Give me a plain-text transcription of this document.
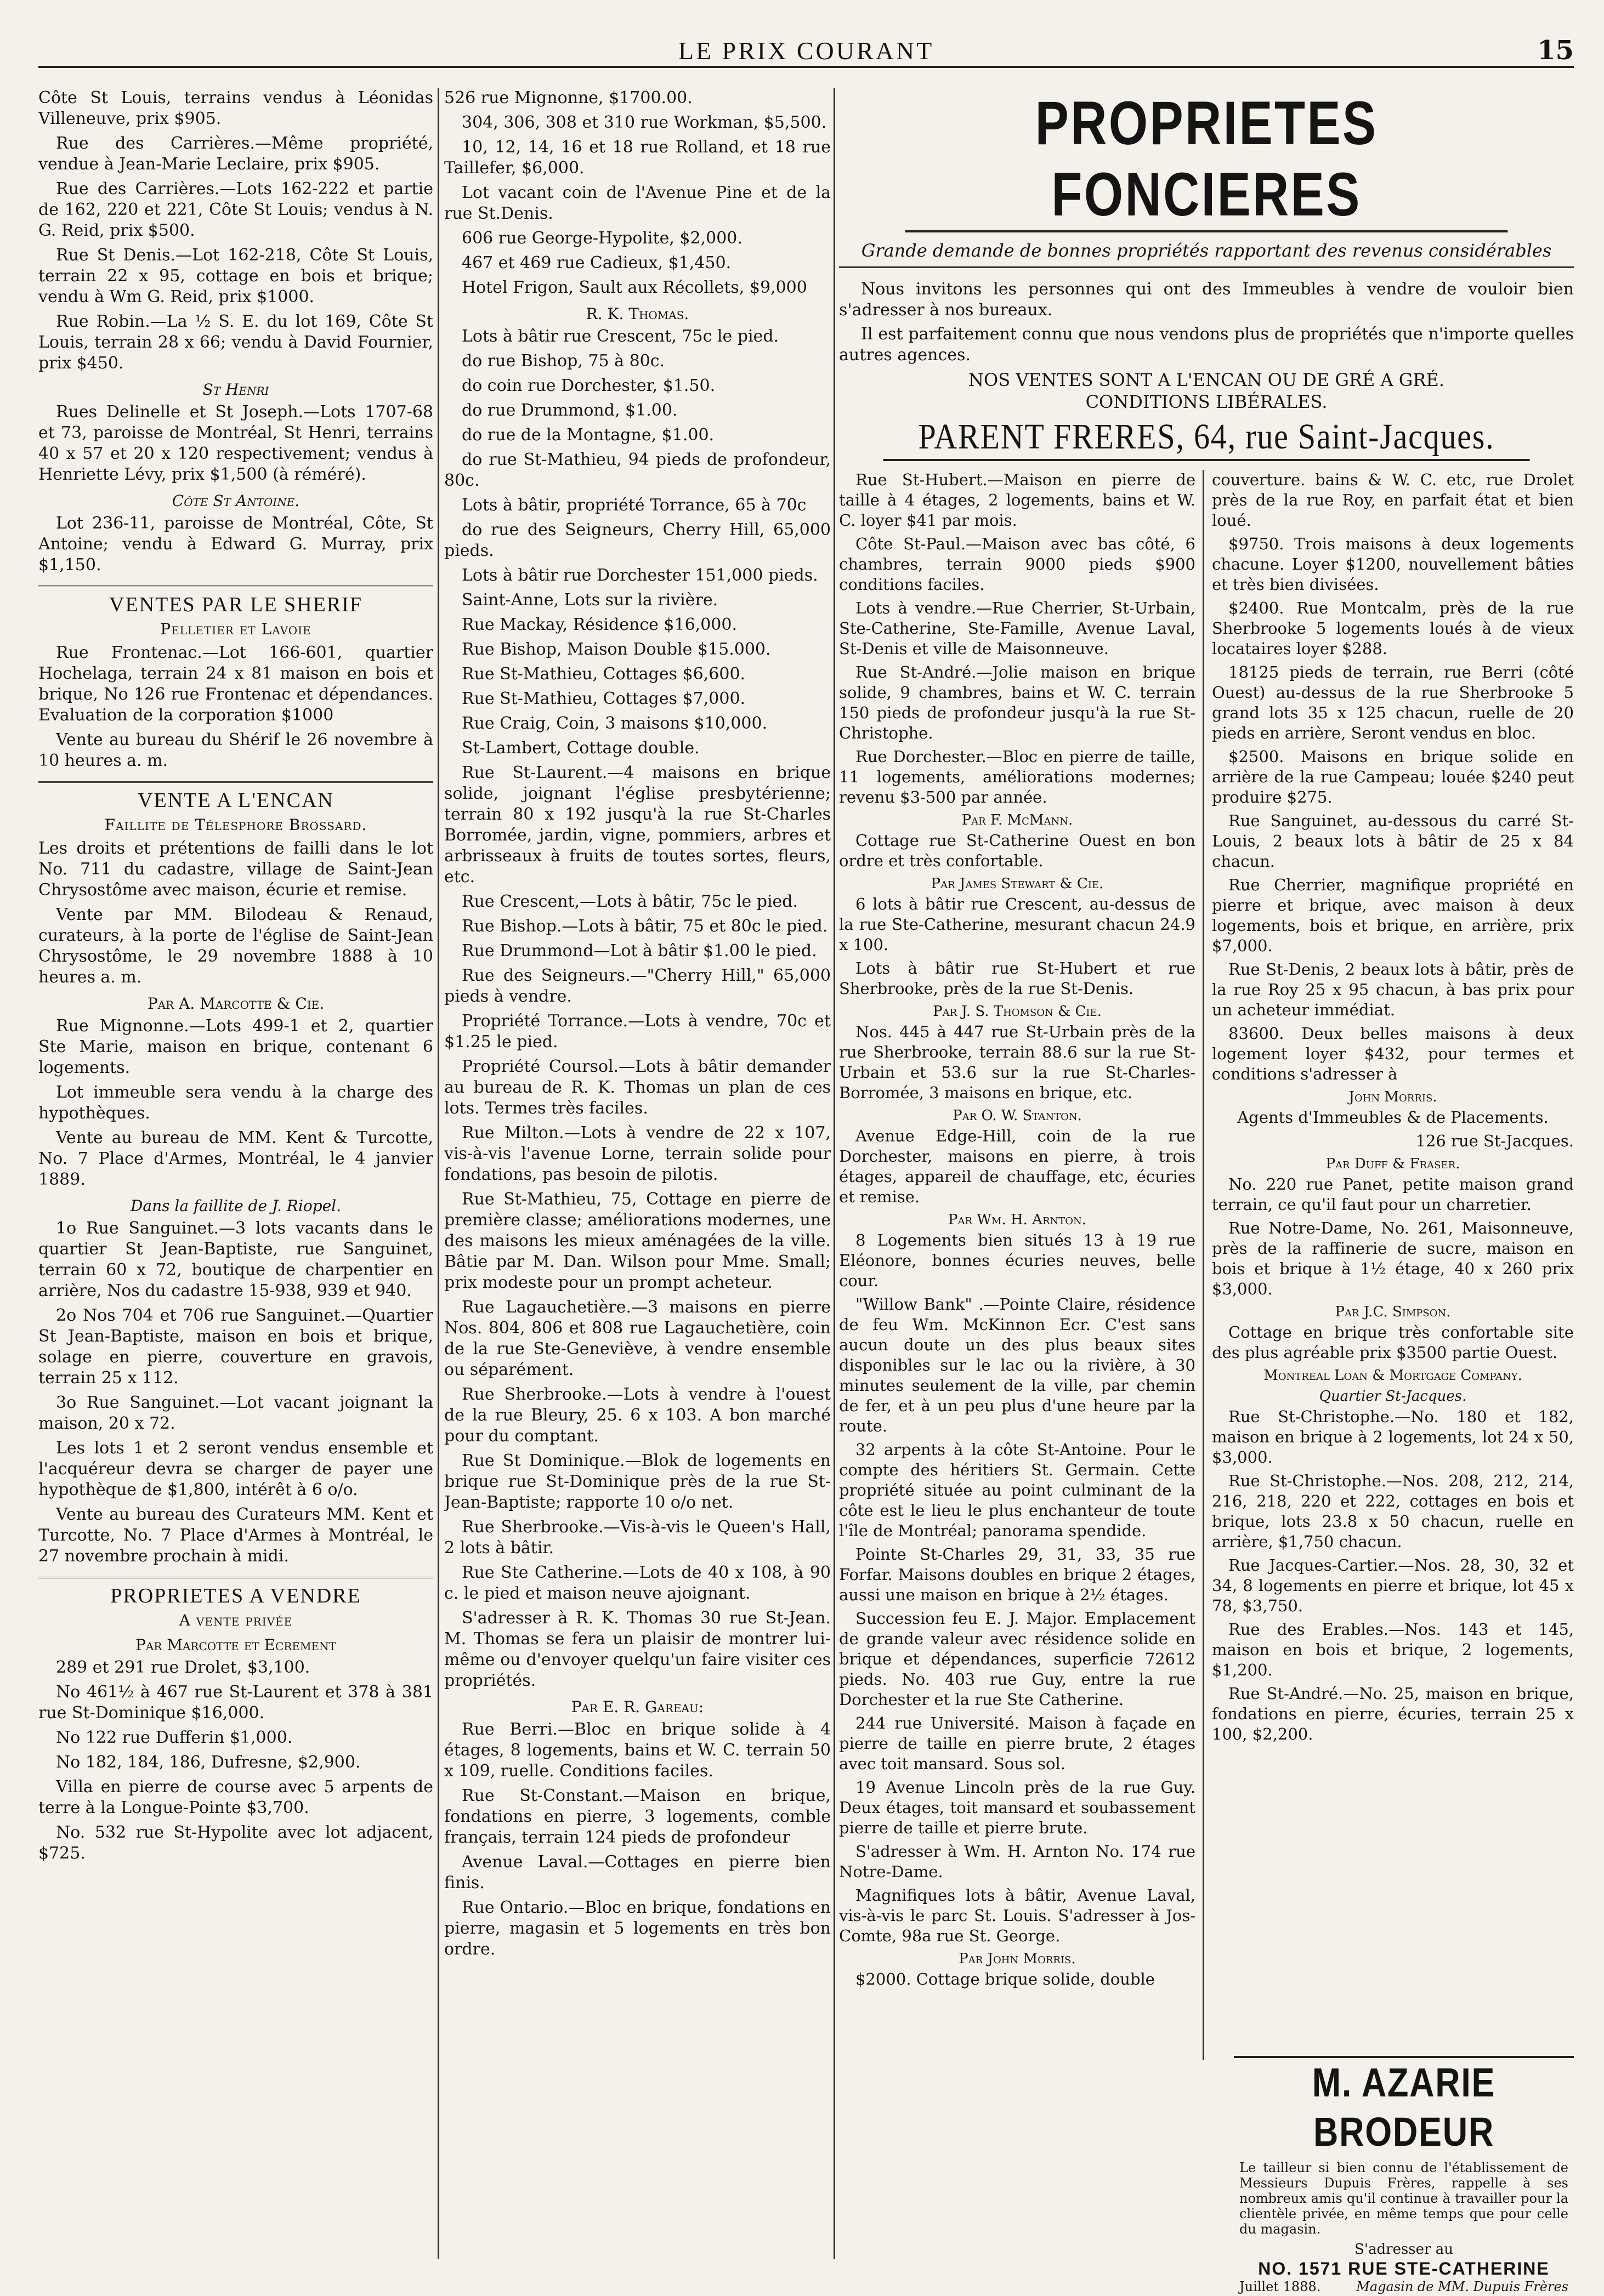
LE PRIX COURANT	15

Côte St Louis, terrains vendus à Léonidas Villeneuve, prix $905.

Rue des Carrières.—Même propriété, vendue à Jean-Marie Leclaire, prix $905.

Rue des Carrières.—Lots 162-222 et partie de 162, 220 et 221, Côte St Louis; vendus à N. G. Reid, prix $500.

Rue St Denis.—Lot 162-218, Côte St Louis, terrain 22 x 95, cottage en bois et brique; vendu à Wm G. Reid, prix $1000.

Rue Robin.—La ½ S. E. du lot 169, Côte St Louis, terrain 28 x 66; vendu à David Fournier, prix $450.

St Henri

Rues Delinelle et St Joseph.—Lots 1707-68 et 73, paroisse de Montréal, St Henri, terrains 40 x 57 et 20 x 120 respectivement; vendus à Henriette Lévy, prix $1,500 (à réméré).

Côte St Antoine.

Lot 236-11, paroisse de Montréal, Côte, St Antoine; vendu à Edward G. Murray, prix $1,150.

VENTES PAR LE SHERIF
Pelletier et Lavoie

Rue Frontenac.—Lot 166-601, quartier Hochelaga, terrain 24 x 81 maison en bois et brique, No 126 rue Frontenac et dépendances. Evaluation de la corporation $1000

Vente au bureau du Shérif le 26 novembre à 10 heures a. m.

VENTE A L'ENCAN
Faillite de Télesphore Brossard.

Les droits et prétentions de failli dans le lot No. 711 du cadastre, village de Saint-Jean Chrysostôme avec maison, écurie et remise.

Vente par MM. Bilodeau & Renaud, curateurs, à la porte de l'église de Saint-Jean Chrysostôme, le 29 novembre 1888 à 10 heures a. m.

Par A. Marcotte & Cie.

Rue Mignonne.—Lots 499-1 et 2, quartier Ste Marie, maison en brique, contenant 6 logements.

Lot immeuble sera vendu à la charge des hypothèques.

Vente au bureau de MM. Kent & Turcotte, No. 7 Place d'Armes, Montréal, le 4 janvier 1889.

Dans la faillite de J. Riopel.

1o Rue Sanguinet.—3 lots vacants dans le quartier St Jean-Baptiste, rue Sanguinet, terrain 60 x 72, boutique de charpentier en arrière, Nos du cadastre 15-938, 939 et 940.

2o Nos 704 et 706 rue Sanguinet.—Quartier St Jean-Baptiste, maison en bois et brique, solage en pierre, couverture en gravois, terrain 25 x 112.

3o Rue Sanguinet.—Lot vacant joignant la maison, 20 x 72.

Les lots 1 et 2 seront vendus ensemble et l'acquéreur devra se charger de payer une hypothèque de $1,800, intérêt à 6 o/o.

Vente au bureau des Curateurs MM. Kent et Turcotte, No. 7 Place d'Armes à Montréal, le 27 novembre prochain à midi.

PROPRIETES A VENDRE
A vente privée
Par Marcotte et Ecrement

289 et 291 rue Drolet, $3,100.

No 461½ à 467 rue St-Laurent et 378 à 381 rue St-Dominique $16,000.

No 122 rue Dufferin $1,000.

No 182, 184, 186, Dufresne, $2,900.

Villa en pierre de course avec 5 arpents de terre à la Longue-Pointe $3,700.

No. 532 rue St-Hypolite avec lot adjacent, $725.

526 rue Mignonne, $1700.00.

304, 306, 308 et 310 rue Workman, $5,500.

10, 12, 14, 16 et 18 rue Rolland, et 18 rue Taillefer, $6,000.

Lot vacant coin de l'Avenue Pine et de la rue St.Denis.

606 rue George-Hypolite, $2,000.

467 et 469 rue Cadieux, $1,450.

Hotel Frigon, Sault aux Récollets, $9,000

R. K. Thomas.

Lots à bâtir rue Crescent, 75c le pied.

do rue Bishop, 75 à 80c.

do coin rue Dorchester, $1.50.

do rue Drummond, $1.00.

do rue de la Montagne, $1.00.

do rue St-Mathieu, 94 pieds de profondeur, 80c.

Lots à bâtir, propriété Torrance, 65 à 70c

do rue des Seigneurs, Cherry Hill, 65,000 pieds.

Lots à bâtir rue Dorchester 151,000 pieds.

Saint-Anne, Lots sur la rivière.

Rue Mackay, Résidence $16,000.

Rue Bishop, Maison Double $15.000.

Rue St-Mathieu, Cottages $6,600.

Rue St-Mathieu, Cottages $7,000.

Rue Craig, Coin, 3 maisons $10,000.

St-Lambert, Cottage double.

Rue St-Laurent.—4 maisons en brique solide, joignant l'église presbytérienne; terrain 80 x 192 jusqu'à la rue St-Charles Borromée, jardin, vigne, pommiers, arbres et arbrisseaux à fruits de toutes sortes, fleurs, etc.

Rue Crescent,—Lots à bâtir, 75c le pied.

Rue Bishop.—Lots à bâtir, 75 et 80c le pied.

Rue Drummond—Lot à bâtir $1.00 le pied.

Rue des Seigneurs.—"Cherry Hill," 65,000 pieds à vendre.

Propriété Torrance.—Lots à vendre, 70c et $1.25 le pied.

Propriété Coursol.—Lots à bâtir demander au bureau de R. K. Thomas un plan de ces lots. Termes très faciles.

Rue Milton.—Lots à vendre de 22 x 107, vis-à-vis l'avenue Lorne, terrain solide pour fondations, pas besoin de pilotis.

Rue St-Mathieu, 75, Cottage en pierre de première classe; améliorations modernes, une des maisons les mieux aménagées de la ville. Bâtie par M. Dan. Wilson pour Mme. Small; prix modeste pour un prompt acheteur.

Rue Lagauchetière.—3 maisons en pierre Nos. 804, 806 et 808 rue Lagauchetière, coin de la rue Ste-Geneviève, à vendre ensemble ou séparément.

Rue Sherbrooke.—Lots à vendre à l'ouest de la rue Bleury, 25. 6 x 103. A bon marché pour du comptant.

Rue St Dominique.—Blok de logements en brique rue St-Dominique près de la rue St-Jean-Baptiste; rapporte 10 o/o net.

Rue Sherbrooke.—Vis-à-vis le Queen's Hall, 2 lots à bâtir.

Rue Ste Catherine.—Lots de 40 x 108, à 90 c. le pied et maison neuve ajoignant.

S'adresser à R. K. Thomas 30 rue St-Jean. M. Thomas se fera un plaisir de montrer lui-même ou d'envoyer quelqu'un faire visiter ces propriétés.

Par E. R. Gareau:

Rue Berri.—Bloc en brique solide à 4 étages, 8 logements, bains et W. C. terrain 50 x 109, ruelle. Conditions faciles.

Rue St-Constant.—Maison en brique, fondations en pierre, 3 logements, comble français, terrain 124 pieds de profondeur

Avenue Laval.—Cottages en pierre bien finis.

Rue Ontario.—Bloc en brique, fondations en pierre, magasin et 5 logements en très bon ordre.

PROPRIETES FONCIERES
Grande demande de bonnes propriétés rapportant des revenus considérables

Nous invitons les personnes qui ont des Immeubles à vendre de vouloir bien s'adresser à nos bureaux.

Il est parfaitement connu que nous vendons plus de propriétés que n'importe quelles autres agences.

NOS VENTES SONT A L'ENCAN OU DE GRÉ A GRÉ.
CONDITIONS LIBÉRALES.
PARENT FRERES, 64, rue Saint-Jacques.

Rue St-Hubert.—Maison en pierre de taille à 4 étages, 2 logements, bains et W. C. loyer $41 par mois.

Côte St-Paul.—Maison avec bas côté, 6 chambres, terrain 9000 pieds $900 conditions faciles.

Lots à vendre.—Rue Cherrier, St-Urbain, Ste-Catherine, Ste-Famille, Avenue Laval, St-Denis et ville de Maisonneuve.

Rue St-André.—Jolie maison en brique solide, 9 chambres, bains et W. C. terrain 150 pieds de profondeur jusqu'à la rue St-Christophe.

Rue Dorchester.—Bloc en pierre de taille, 11 logements, améliorations modernes; revenu $3-500 par année.

Par F. McMann.

Cottage rue St-Catherine Ouest en bon ordre et très confortable.

Par James Stewart & Cie.

6 lots à bâtir rue Crescent, au-dessus de la rue Ste-Catherine, mesurant chacun 24.9 x 100.

Lots à bâtir rue St-Hubert et rue Sherbrooke, près de la rue St-Denis.

Par J. S. Thomson & Cie.

Nos. 445 à 447 rue St-Urbain près de la rue Sherbrooke, terrain 88.6 sur la rue St-Urbain et 53.6 sur la rue St-Charles-Borromée, 3 maisons en brique, etc.

Par O. W. Stanton.

Avenue Edge-Hill, coin de la rue Dorchester, maisons en pierre, à trois étages, appareil de chauffage, etc, écuries et remise.

Par Wm. H. Arnton.

8 Logements bien situés 13 à 19 rue Eléonore, bonnes écuries neuves, belle cour.

"Willow Bank" .—Pointe Claire, résidence de feu Wm. McKinnon Ecr. C'est sans aucun doute un des plus beaux sites disponibles sur le lac ou la rivière, à 30 minutes seulement de la ville, par chemin de fer, et à un peu plus d'une heure par la route.

32 arpents à la côte St-Antoine. Pour le compte des héritiers St. Germain. Cette propriété située au point culminant de la côte est le lieu le plus enchanteur de toute l'île de Montréal; panorama spendide.

Pointe St-Charles 29, 31, 33, 35 rue Forfar. Maisons doubles en brique 2 étages, aussi une maison en brique à 2½ étages.

Succession feu E. J. Major. Emplacement de grande valeur avec résidence solide en brique et dépendances, superficie 72612 pieds. No. 403 rue Guy, entre la rue Dorchester et la rue Ste Catherine.

244 rue Université. Maison à façade en pierre de taille en pierre brute, 2 étages avec toit mansard. Sous sol.

19 Avenue Lincoln près de la rue Guy. Deux étages, toit mansard et soubassement pierre de taille et pierre brute.

S'adresser à Wm. H. Arnton No. 174 rue Notre-Dame.

Magnifiques lots à bâtir, Avenue Laval, vis-à-vis le parc St. Louis. S'adresser à Jos-Comte, 98a rue St. George.

Par John Morris.

$2000. Cottage brique solide, double

couverture. bains & W. C. etc, rue Drolet près de la rue Roy, en parfait état et bien loué.

$9750. Trois maisons à deux logements chacune. Loyer $1200, nouvellement bâties et très bien divisées.

$2400. Rue Montcalm, près de la rue Sherbrooke 5 logements loués à de vieux locataires loyer $288.

18125 pieds de terrain, rue Berri (côté Ouest) au-dessus de la rue Sherbrooke 5 grand lots 35 x 125 chacun, ruelle de 20 pieds en arrière, Seront vendus en bloc.

$2500. Maisons en brique solide en arrière de la rue Campeau; louée $240 peut produire $275.

Rue Sanguinet, au-dessous du carré St-Louis, 2 beaux lots à bâtir de 25 x 84 chacun.

Rue Cherrier, magnifique propriété en pierre et brique, avec maison à deux logements, bois et brique, en arrière, prix $7,000.

Rue St-Denis, 2 beaux lots à bâtir, près de la rue Roy 25 x 95 chacun, à bas prix pour un acheteur immédiat.

83600. Deux belles maisons à deux logement loyer $432, pour termes et conditions s'adresser à

John Morris.

Agents d'Immeubles & de Placements.

126 rue St-Jacques.

Par Duff & Fraser.

No. 220 rue Panet, petite maison grand terrain, ce qu'il faut pour un charretier.

Rue Notre-Dame, No. 261, Maisonneuve, près de la raffinerie de sucre, maison en bois et brique à 1½ étage, 40 x 260 prix $3,000.

Par J.C. Simpson.

Cottage en brique très confortable site des plus agréable prix $3500 partie Ouest.

Montreal Loan & Mortgage Company.
Quartier St-Jacques.

Rue St-Christophe.—No. 180 et 182, maison en brique à 2 logements, lot 24 x 50, $3,000.

Rue St-Christophe.—Nos. 208, 212, 214, 216, 218, 220 et 222, cottages en bois et brique, lots 23.8 x 50 chacun, ruelle en arrière, $1,750 chacun.

Rue Jacques-Cartier.—Nos. 28, 30, 32 et 34, 8 logements en pierre et brique, lot 45 x 78, $3,750.

Rue des Erables.—Nos. 143 et 145, maison en bois et brique, 2 logements, $1,200.

Rue St-André.—No. 25, maison en brique, fondations en pierre, écuries, terrain 25 x 100, $2,200.

M. AZARIE BRODEUR
Le tailleur si bien connu de l'établissement de Messieurs Dupuis Frères, rappelle à ses nombreux amis qu'il continue à travailler pour la clientèle privée, en même temps que pour celle du magasin.
S'adresser au
NO. 1571 RUE STE-CATHERINE
Magasin de MM. Dupuis Frères
Juillet 1888.
